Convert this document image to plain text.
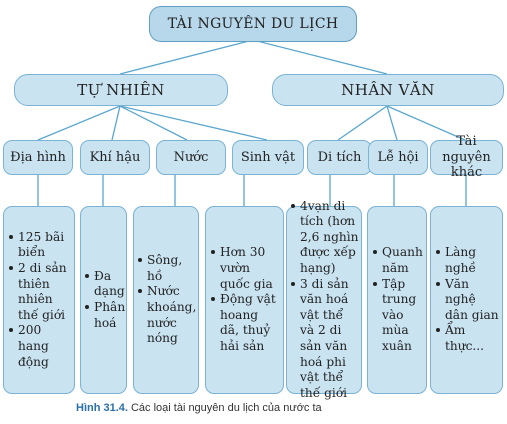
TÀI NGUYÊN DU LỊCH
TỰ NHIÊN	NHÂN VĂN
Địa hình Khí hậu	Nước Sinh vật Di tích Lễ hội
Tài nguyên khác
125 bãi biển
2 di sản thiên nhiên thế giới
200 hang động
Đa dạng
Phân hoá
Sông, hồ
Nước khoáng, nước nóng
Hơn 30 vườn quốc gia
Động vật hoang dã, thuỷ hải sản
4vạn di tích (hơn 2,6 nghìn được xếp hạng)
3 di sản văn hoá vật thể và 2 di sản văn hoá phi vật thể thế giới
Quanh năm
Tập trung vào mùa xuân
Làng nghề
Văn nghệ dân gian
Ẩm thực...
Hình 31.4. Các loại tài nguyên du lịch của nước ta
